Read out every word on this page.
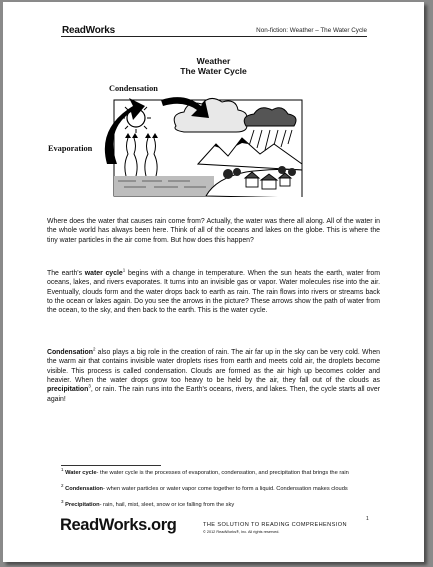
ReadWorks	Non-fiction: Weather – The Water Cycle
Weather
The Water Cycle
Condensation
Evaporation
Where does the water that causes rain come from? Actually, the water was there all along. All of the water in the whole world has always been here. Think of all of the oceans and lakes on the globe. This is where the tiny water particles in the air come from. But how does this happen?
The earth's water cycle$^1$ begins with a change in temperature. When the sun heats the earth, water from oceans, lakes, and rivers evaporates. It turns into an invisible gas or vapor. Water molecules rise into the air. Eventually, clouds form and the water drops back to earth as rain. The rain flows into rivers or streams back to the ocean or lakes again. Do you see the arrows in the picture? These arrows show the path of water from the ocean, to the sky, and then back to the earth. This is the water cycle.
Condensation$^2$ also plays a big role in the creation of rain. The air far up in the sky can be very cold. When the warm air that contains invisible water droplets rises from earth and meets cold air, the droplets become visible. This process is called condensation. Clouds are formed as the air high up becomes colder and heavier. When the water drops grow too heavy to be held by the air, they fall out of the clouds as precipitation$^3$, or rain. The rain runs into the Earth's oceans, rivers, and lakes. Then, the cycle starts all over again!
$^1$ Water cycle- the water cycle is the processes of evaporation, condensation, and precipitation that brings the rain
$^2$ Condensation- when water particles or water vapor come together to form a liquid. Condensation makes clouds
$^3$ Precipitation- rain, hail, mist, sleet, snow or ice falling from the sky
ReadWorks.org	THE SOLUTION TO READING COMPREHENSION
© 2012 ReadWorks®, Inc. All rights reserved.
1
